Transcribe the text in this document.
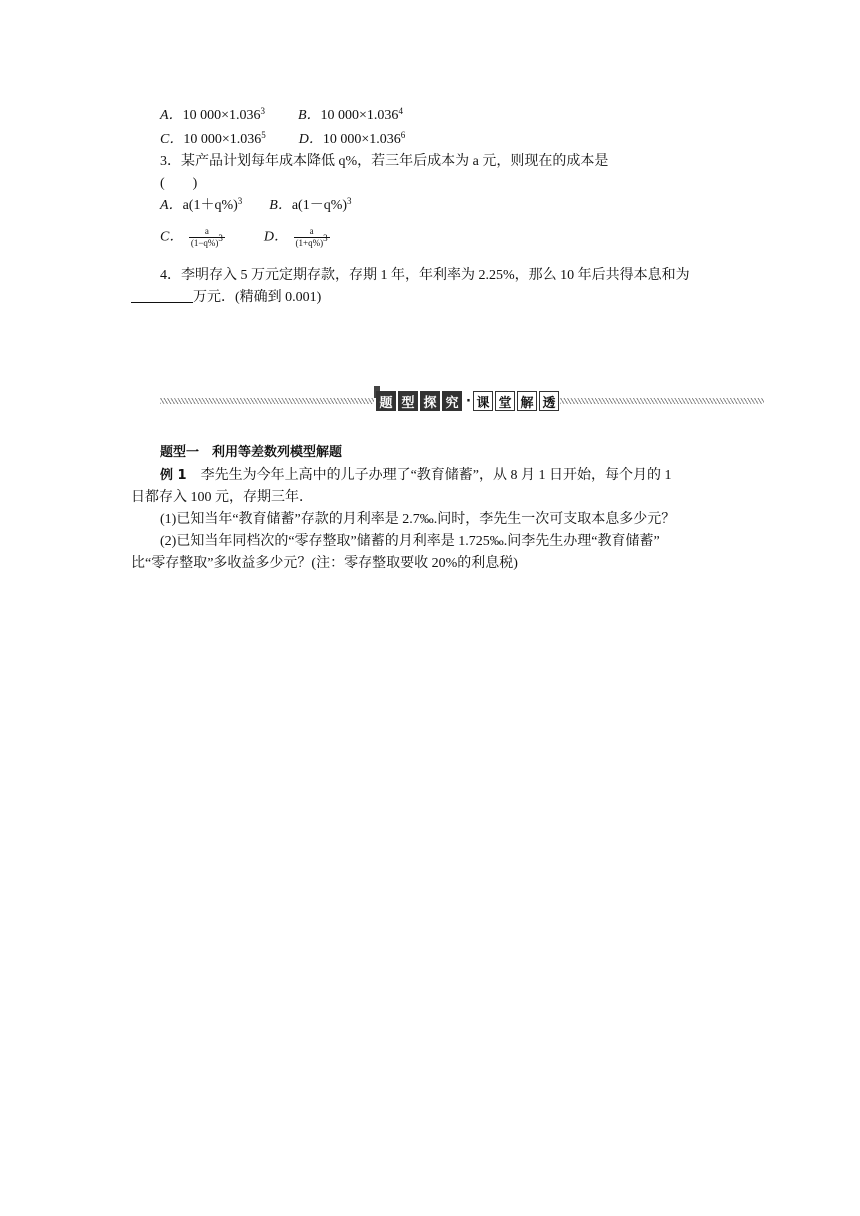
A．10 $000\times 1.036^3$ B．10 $000\times 1.036^4$
C．10 $000\times 1.036^5$ D．10 $000\times 1.036^6$
3．某产品计划每年成本降低 q%，若三年后成本为 a 元，则现在的成本是
(　　)
A．$a(1+q\%)^3$ B．$a(1-q\%)^3$
C． $\frac{a}{(1-q\%)^3}$	D． $\frac{a}{(1+q\%)^3}$
4．李明存入 5 万元定期存款，存期 1 年，年利率为 2.25%，那么 10 年后共得本息和为
万元．(精确到 0.001)
题 型 探 究 · 课 堂 解 透
题型一　利用等差数列模型解题
例 1　李先生为今年上高中的儿子办理了“教育储蓄”，从 8 月 1 日开始，每个月的 1
日都存入 100 元，存期三年．
(1)已知当年“教育储蓄”存款的月利率是 2.7‰.问时，李先生一次可支取本息多少元？
(2)已知当年同档次的“零存整取”储蓄的月利率是 1.725‰.问李先生办理“教育储蓄”
比“零存整取”多收益多少元？(注：零存整取要收 20%的利息税)
